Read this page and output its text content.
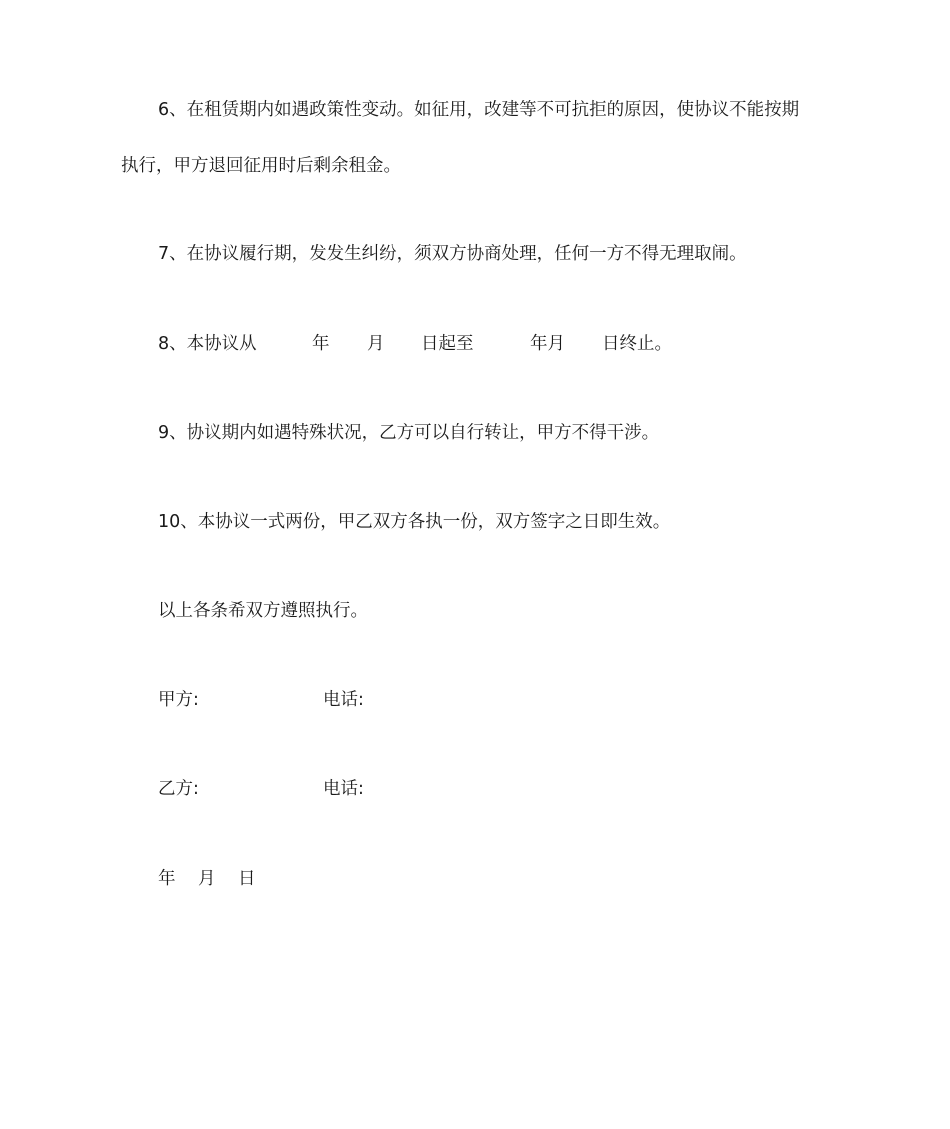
6、在租赁期内如遇政策性变动。如征用，改建等不可抗拒的原因，使协议不能按期
执行，甲方退回征用时后剩余租金。
7、在协议履行期，发发生纠纷，须双方协商处理，任何一方不得无理取闹。

8、本协议从

	年

月

日起至

	年月

日终止。

9、协议期内如遇特殊状况，乙方可以自行转让，甲方不得干涉。
10、本协议一式两份，甲乙双方各执一份，双方签字之日即生效。
以上各条希双方遵照执行。

甲方:

	电话:

乙方:

	电话:

年

月

日
